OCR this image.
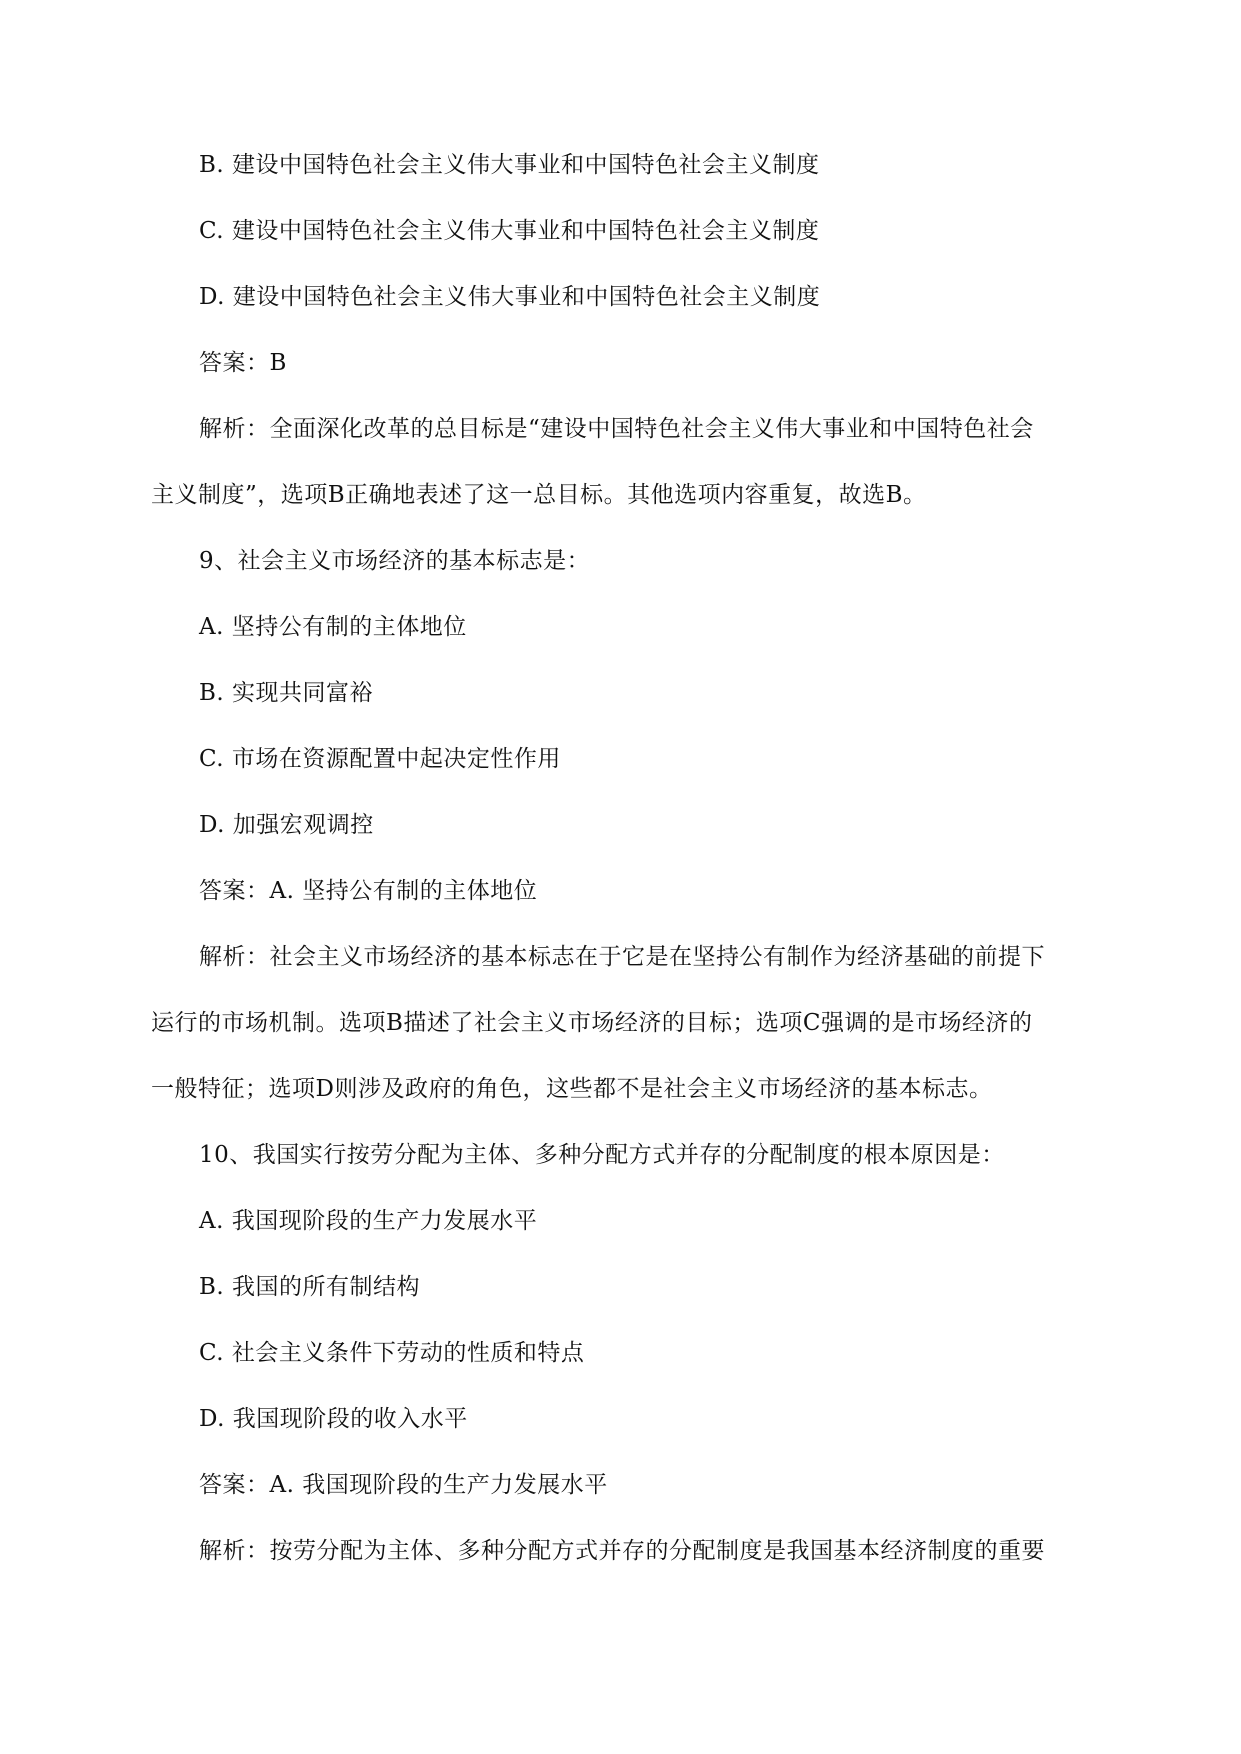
B. 建设中国特色社会主义伟大事业和中国特色社会主义制度
C. 建设中国特色社会主义伟大事业和中国特色社会主义制度
D. 建设中国特色社会主义伟大事业和中国特色社会主义制度
答案：B
解析：全面深化改革的总目标是“建设中国特色社会主义伟大事业和中国特色社会
主义制度”，选项B正确地表述了这一总目标。其他选项内容重复，故选B。
9、社会主义市场经济的基本标志是：
A. 坚持公有制的主体地位
B. 实现共同富裕
C. 市场在资源配置中起决定性作用
D. 加强宏观调控
答案：A. 坚持公有制的主体地位
解析：社会主义市场经济的基本标志在于它是在坚持公有制作为经济基础的前提下
运行的市场机制。选项B描述了社会主义市场经济的目标；选项C强调的是市场经济的
一般特征；选项D则涉及政府的角色，这些都不是社会主义市场经济的基本标志。
10、我国实行按劳分配为主体、多种分配方式并存的分配制度的根本原因是：
A. 我国现阶段的生产力发展水平
B. 我国的所有制结构
C. 社会主义条件下劳动的性质和特点
D. 我国现阶段的收入水平
答案：A. 我国现阶段的生产力发展水平
解析：按劳分配为主体、多种分配方式并存的分配制度是我国基本经济制度的重要
